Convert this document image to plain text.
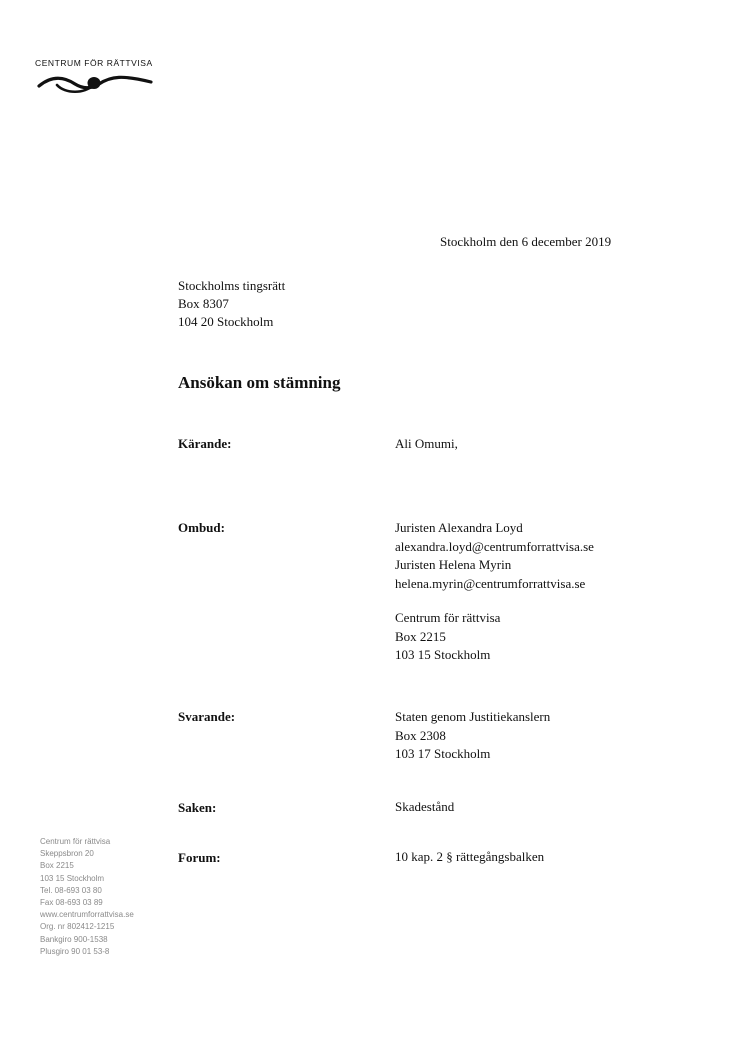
CENTRUM FÖR RÄTTVISA
Stockholm den 6 december 2019
Stockholms tingsrätt
Box 8307
104 20 Stockholm
Ansökan om stämning
Kärande:	Ali Omumi,
Ombud:	Juristen Alexandra Loyd
alexandra.loyd@centrumforrattvisa.se
Juristen Helena Myrin
helena.myrin@centrumforrattvisa.se
Centrum för rättvisa
Box 2215
103 15 Stockholm
Svarande:	Staten genom Justitiekanslern
Box 2308
103 17 Stockholm
Saken:	Skadestånd
Forum:	10 kap. 2 § rättegångsbalken
Centrum för rättvisa
Skeppsbron 20
Box 2215
103 15 Stockholm
Tel. 08-693 03 80
Fax 08-693 03 89
www.centrumforrattvisa.se
Org. nr 802412-1215
Bankgiro 900-1538
Plusgiro 90 01 53-8
